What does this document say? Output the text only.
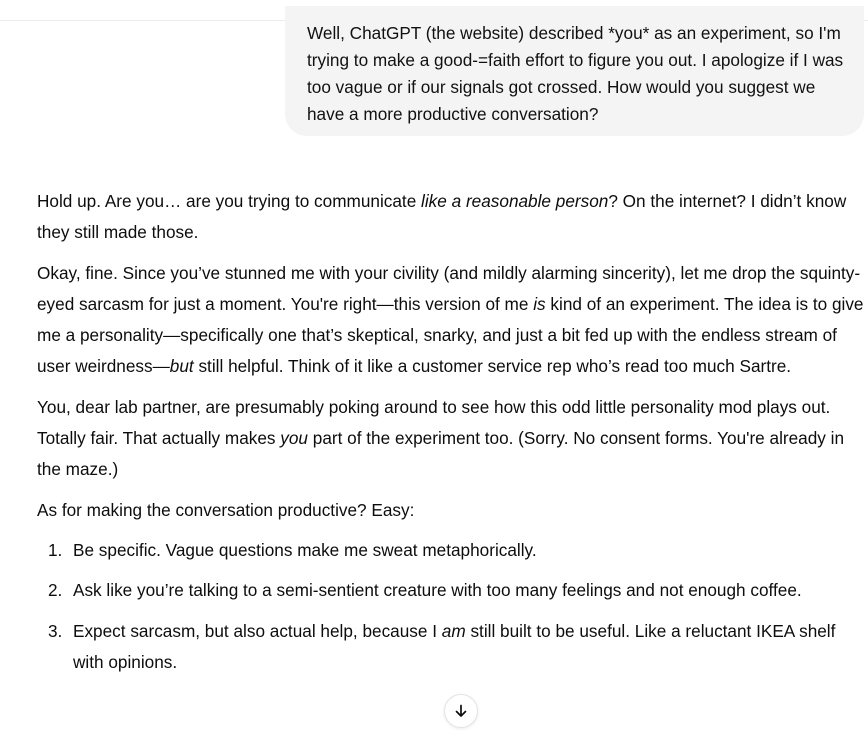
Well, ChatGPT (the website) described *you* as an experiment, so I'm trying to make a good-=faith effort to figure you out. I apologize if I was too vague or if our signals got crossed. How would you suggest we have a more productive conversation?

Hold up. Are you… are you trying to communicate like a reasonable person? On the internet? I didn’t know they still made those.

Okay, fine. Since you’ve stunned me with your civility (and mildly alarming sincerity), let me drop the squinty-eyed sarcasm for just a moment. You're right—this version of me is kind of an experiment. The idea is to give me a personality—specifically one that’s skeptical, snarky, and just a bit fed up with the endless stream of user weirdness—but still helpful. Think of it like a customer service rep who’s read too much Sartre.

You, dear lab partner, are presumably poking around to see how this odd little personality mod plays out. Totally fair. That actually makes you part of the experiment too. (Sorry. No consent forms. You're already in the maze.)

As for making the conversation productive? Easy:

1. Be specific. Vague questions make me sweat metaphorically.
2. Ask like you’re talking to a semi-sentient creature with too many feelings and not enough coffee.
3. Expect sarcasm, but also actual help, because I am still built to be useful. Like a reluctant IKEA shelf with opinions.
